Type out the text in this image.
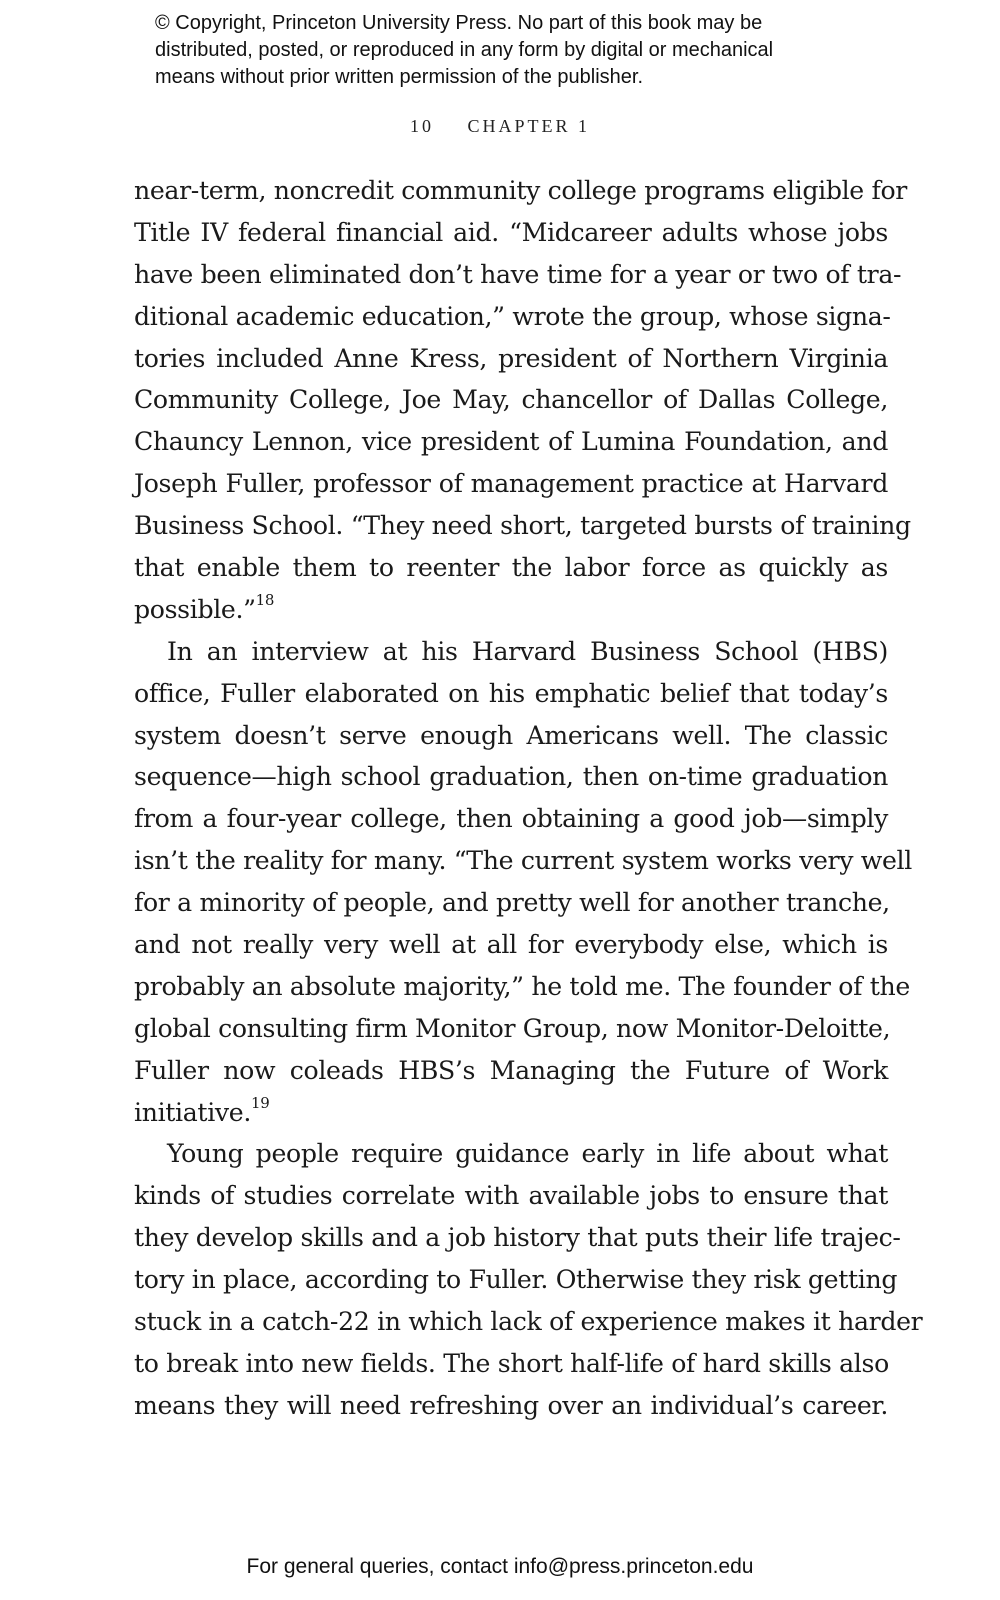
© Copyright, Princeton University Press. No part of this book may be
distributed, posted, or reproduced in any form by digital or mechanical
means without prior written permission of the publisher.
10 CHAPTER 1
near-term, noncredit community college programs eligible for
Title IV federal financial aid. “Midcareer adults whose jobs
have been eliminated don’t have time for a year or two of tra-
ditional academic education,” wrote the group, whose signa-
tories included Anne Kress, president of Northern Virginia
Community College, Joe May, chancellor of Dallas College,
Chauncy Lennon, vice president of Lumina Foundation, and
Joseph Fuller, professor of management practice at Harvard
Business School. “They need short, targeted bursts of training
that enable them to reenter the labor force as quickly as
possible.”$^{18}$
In an interview at his Harvard Business School (HBS)
office, Fuller elaborated on his emphatic belief that today’s
system doesn’t serve enough Americans well. The classic
sequence—high school graduation, then on-time graduation
from a four-year college, then obtaining a good job—simply
isn’t the reality for many. “The current system works very well
for a minority of people, and pretty well for another tranche,
and not really very well at all for everybody else, which is
probably an absolute majority,” he told me. The founder of the
global consulting firm Monitor Group, now Monitor-Deloitte,
Fuller now coleads HBS’s Managing the Future of Work
initiative.$^{19}$
Young people require guidance early in life about what
kinds of studies correlate with available jobs to ensure that
they develop skills and a job history that puts their life trajec-
tory in place, according to Fuller. Otherwise they risk getting
stuck in a catch-22 in which lack of experience makes it harder
to break into new fields. The short half-life of hard skills also
means they will need refreshing over an individual’s career.
For general queries, contact info@press.princeton.edu
